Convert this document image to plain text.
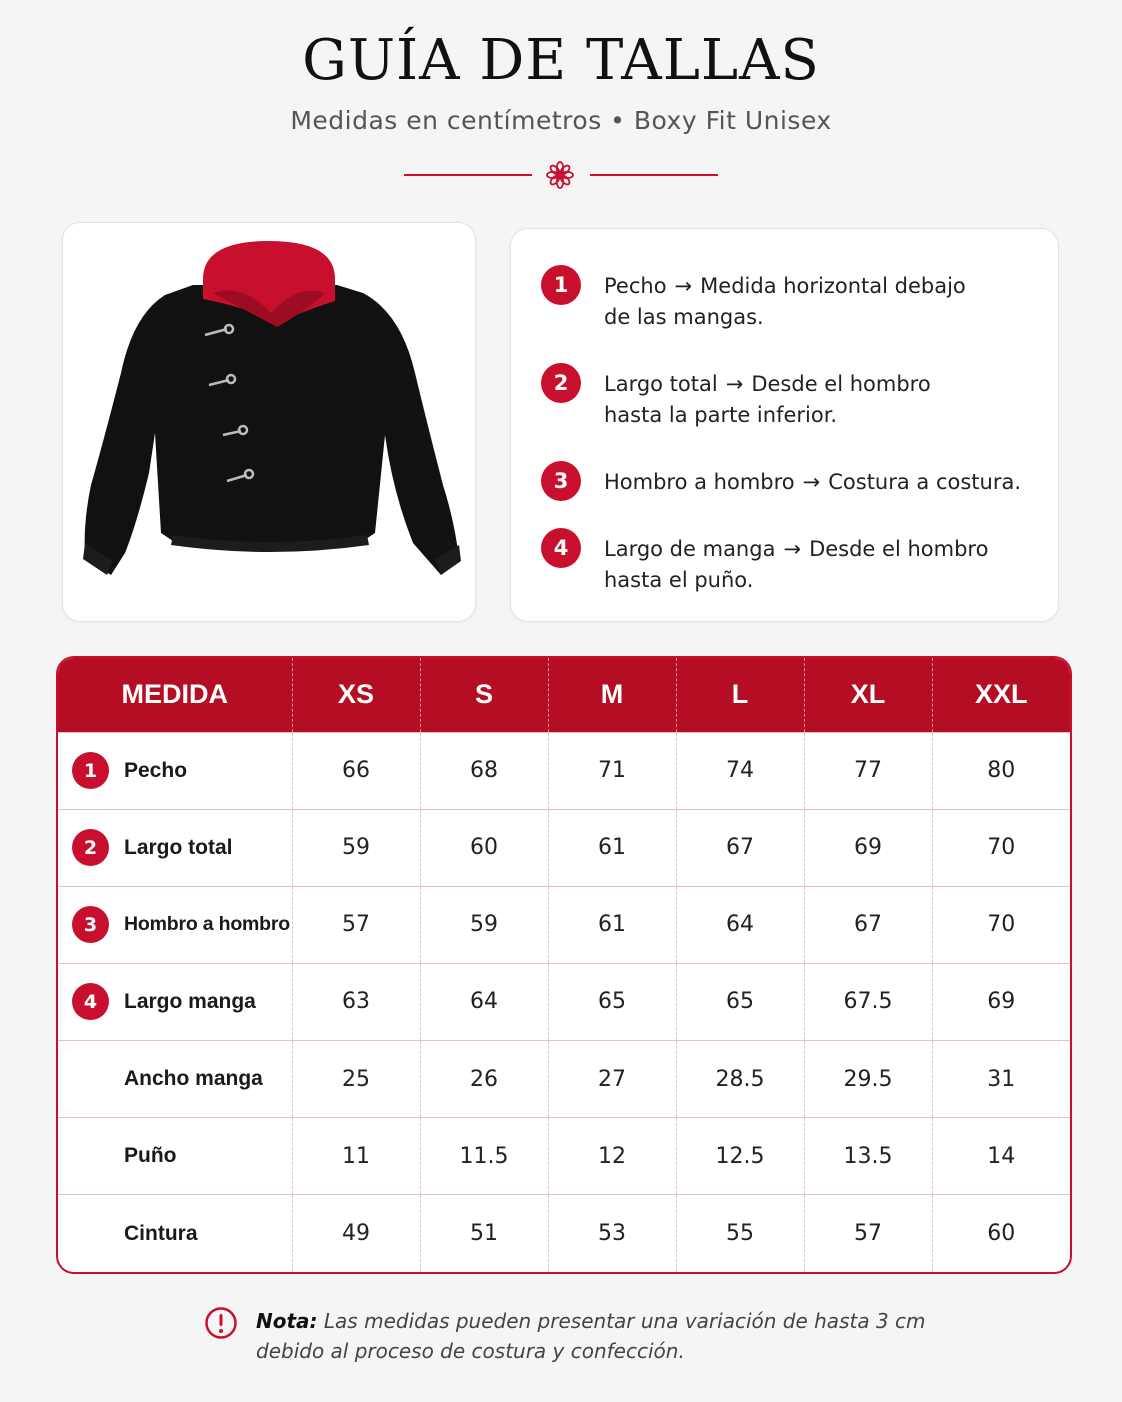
GUÍA DE TALLAS
Medidas en centímetros • Boxy Fit Unisex
1	Pecho → Medida horizontal debajo
de las mangas.
2	Largo total → Desde el hombro
hasta la parte inferior.
3	Hombro a hombro → Costura a costura.
4	Largo de manga → Desde el hombro
hasta el puño.
MEDIDA	XS	S	M	L	XL	XXL

1 Pecho	66	68	71	74	77	80

2 Largo total	59	60	61	67	69	70

3 Hombro a hombro	57	59	61	64	67	70

4 Largo manga	63	64	65	65	67.5	69

Ancho manga	25	26	27	28.5	29.5	31

Puño	11	11.5	12	12.5	13.5	14

Cintura	49	51	53	55	57	60
Nota: Las medidas pueden presentar una variación de hasta 3 cm
debido al proceso de costura y confección.
